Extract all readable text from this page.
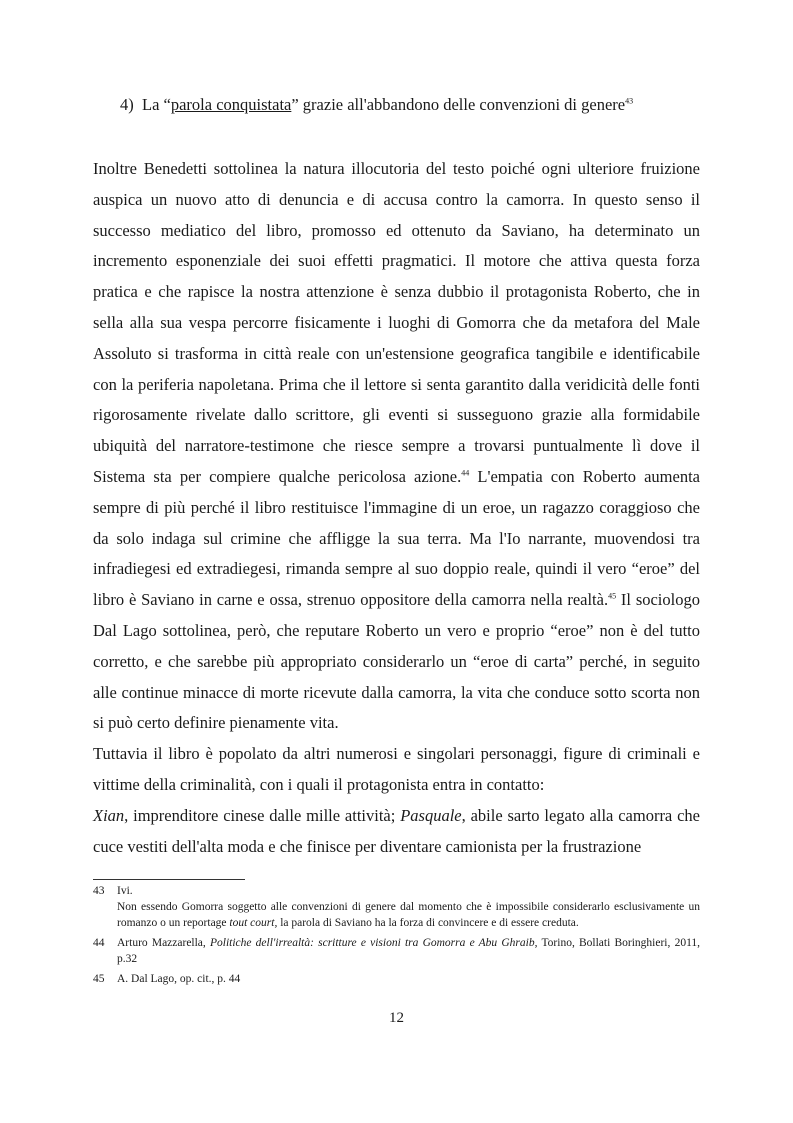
4) La “parola conquistata” grazie all'abbandono delle convenzioni di genere$^{43}$

Inoltre Benedetti sottolinea la natura illocutoria del testo poiché ogni ulteriore fruizione auspica un nuovo atto di denuncia e di accusa contro la camorra. In questo senso il successo mediatico del libro, promosso ed ottenuto da Saviano, ha determinato un incremento esponenziale dei suoi effetti pragmatici. Il motore che attiva questa forza pratica e che rapisce la nostra attenzione è senza dubbio il protagonista Roberto, che in sella alla sua vespa percorre fisicamente i luoghi di Gomorra che da metafora del Male Assoluto si trasforma in città reale con un'estensione geografica tangibile e identificabile con la periferia napoletana. Prima che il lettore si senta garantito dalla veridicità delle fonti rigorosamente rivelate dallo scrittore, gli eventi si susseguono grazie alla formidabile ubiquità del narratore-testimone che riesce sempre a trovarsi puntualmente lì dove il Sistema sta per compiere qualche pericolosa azione.$^{44}$ L'empatia con Roberto aumenta sempre di più perché il libro restituisce l'immagine di un eroe, un ragazzo coraggioso che da solo indaga sul crimine che affligge la sua terra. Ma l'Io narrante, muovendosi tra infradiegesi ed extradiegesi, rimanda sempre al suo doppio reale, quindi il vero “eroe” del libro è Saviano in carne e ossa, strenuo oppositore della camorra nella realtà.$^{45}$ Il sociologo Dal Lago sottolinea, però, che reputare Roberto un vero e proprio “eroe” non è del tutto corretto, e che sarebbe più appropriato considerarlo un “eroe di carta” perché, in seguito alle continue minacce di morte ricevute dalla camorra, la vita che conduce sotto scorta non si può certo definire pienamente vita.

Tuttavia il libro è popolato da altri numerosi e singolari personaggi, figure di criminali e vittime della criminalità, con i quali il protagonista entra in contatto:

Xian, imprenditore cinese dalle mille attività; Pasquale, abile sarto legato alla camorra che cuce vestiti dell'alta moda e che finisce per diventare camionista per la frustrazione

43 Ivi.
Non essendo Gomorra soggetto alle convenzioni di genere dal momento che è impossibile considerarlo esclusivamente un romanzo o un reportage tout court, la parola di Saviano ha la forza di convincere e di essere creduta.
44 Arturo Mazzarella, Politiche dell'irrealtà: scritture e visioni tra Gomorra e Abu Ghraib, Torino, Bollati Boringhieri, 2011, p.32
45 A. Dal Lago, op. cit., p. 44
12
